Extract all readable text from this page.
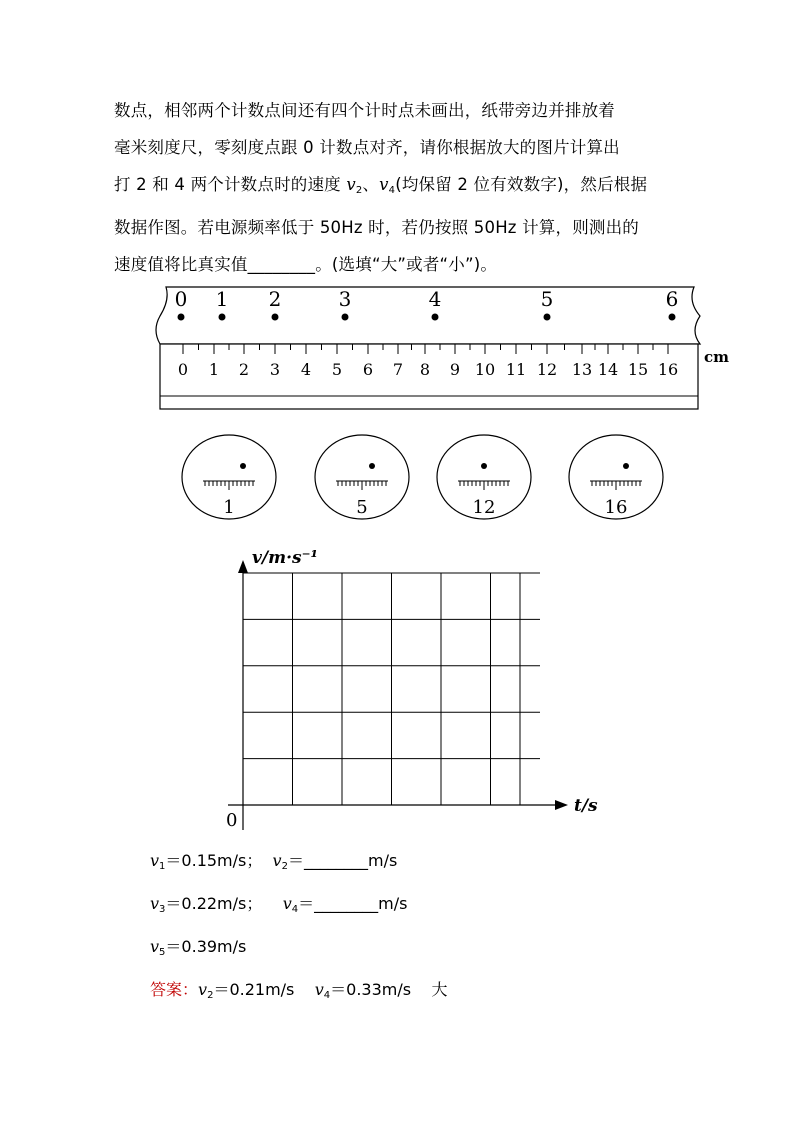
数点，相邻两个计数点间还有四个计时点未画出，纸带旁边并排放着

毫米刻度尺，零刻度点跟 0 计数点对齐，请你根据放大的图片计算出

打 2 和 4 两个计数点时的速度 $v_2$、$v_4$(均保留 2 位有效数字)，然后根据

数据作图。若电源频率低于 50Hz 时，若仍按照 50Hz 计算，则测出的

速度值将比真实值________。(选填“大”或者“小”)。

0 1 2	3	4	5	6
0 1 2 3 4 5 6 7 8 9 10 11 12 13 14 15 16
cm
1	5	12	16
v/m·s⁻¹
t/s
0

$v_1=0.15m/s$； $v_2=\_\_\_\_\_\_\_\_m/s$

$v_3=0.22m/s$； $v_4=\_\_\_\_\_\_\_\_m/s$

$v_5=0.39m/s$

答案：$v_2=0.21m/s$ $v_4=0.33m/s$ 大
